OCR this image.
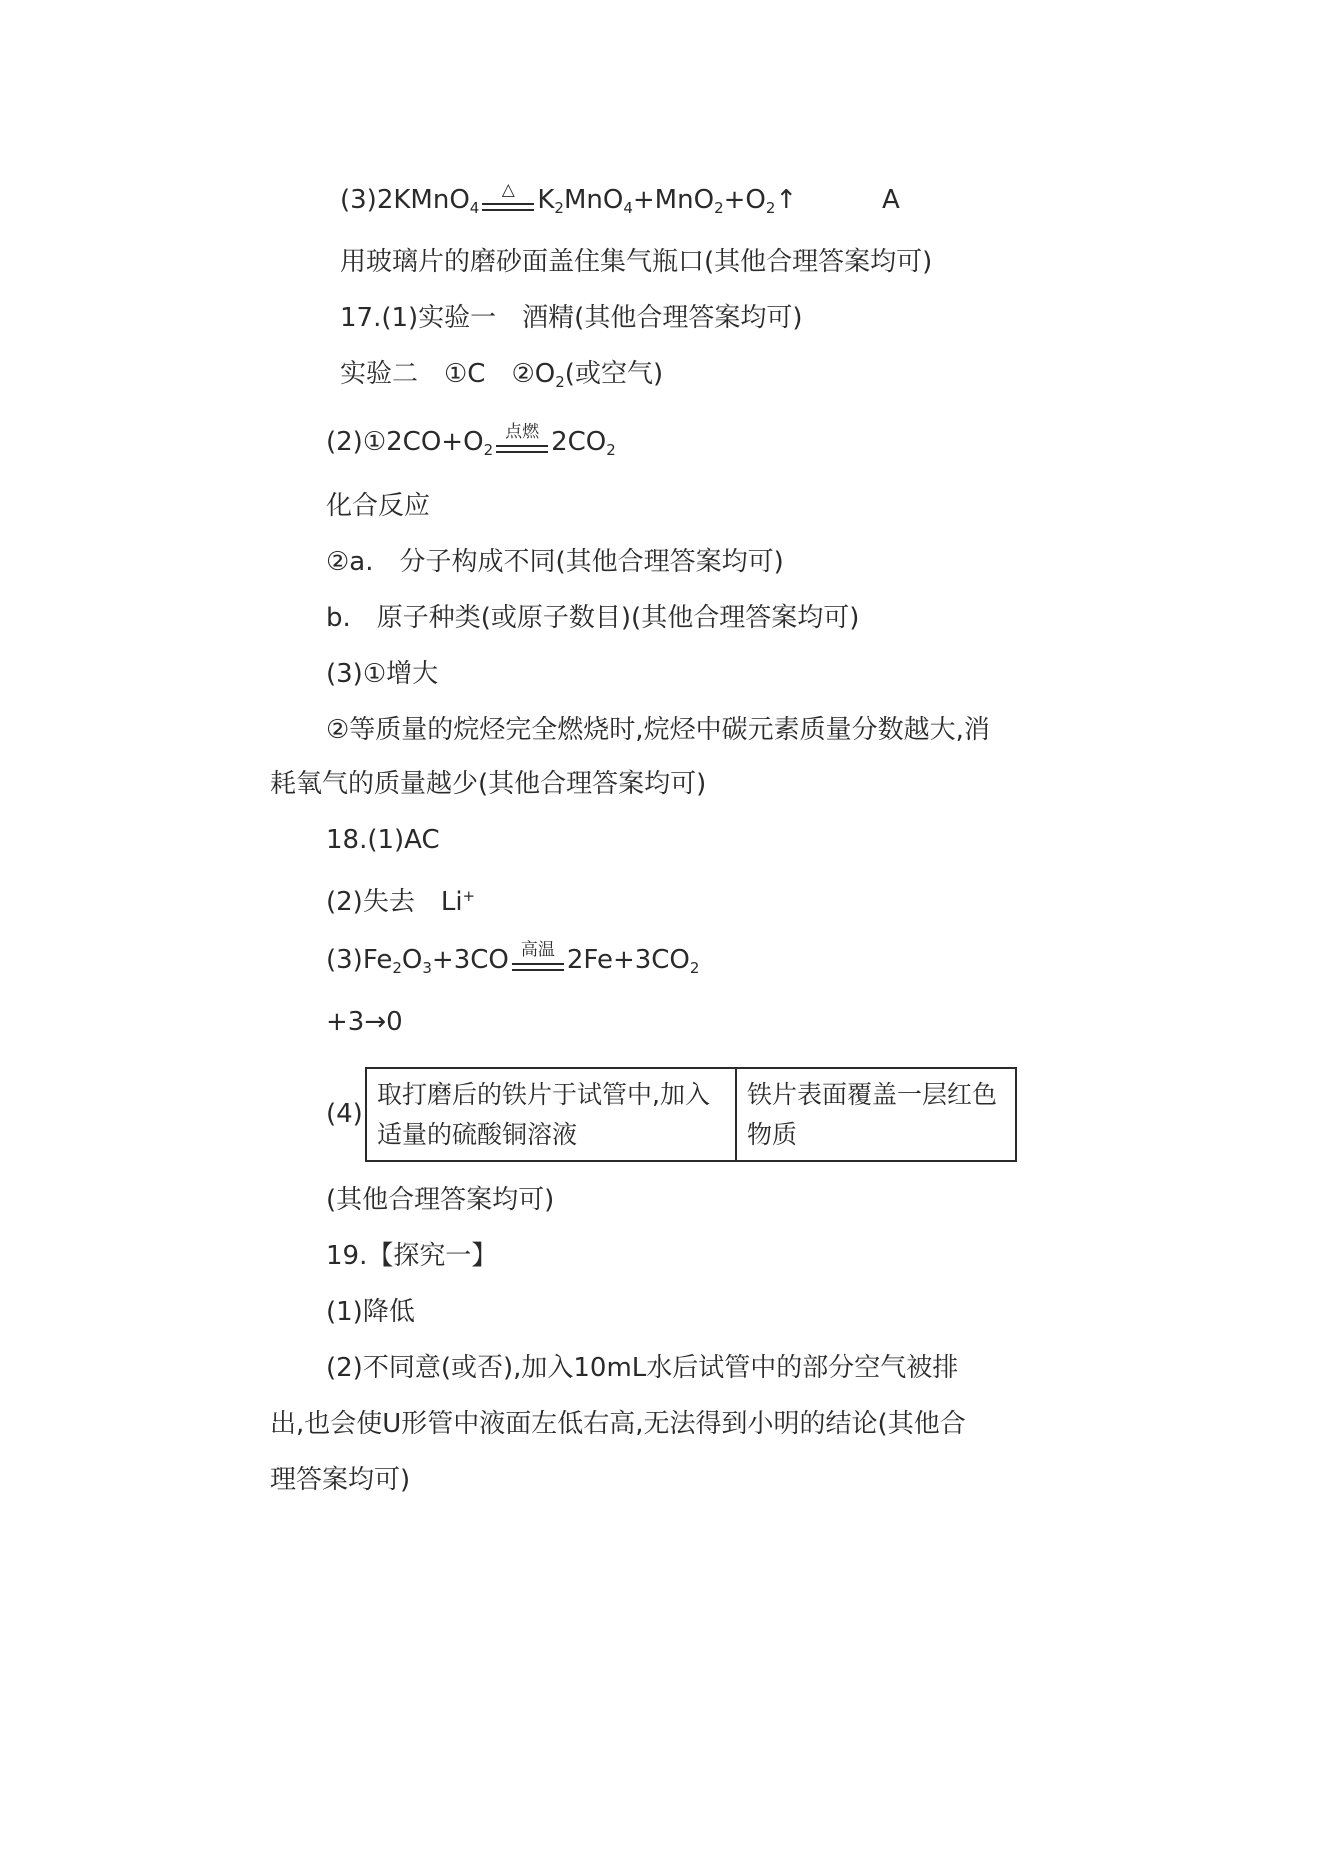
(3)2KMnO$_4$
△ $K_2MnO_4+MnO_2+O_2↑$	A
用玻璃片的磨砂面盖住集气瓶口(其他合理答案均可)
17.(1)实验一　酒精(其他合理答案均可)
实验二　①C　$②O_2$(或空气)
$(2)①2CO+O_2$
点燃 $2CO_2$
化合反应
②a.　分子构成不同(其他合理答案均可)
b.　原子种类(或原子数目)(其他合理答案均可)
(3)①增大
②等质量的烷烃完全燃烧时,烷烃中碳元素质量分数越大,消
耗氧气的质量越少(其他合理答案均可)
18.(1)AC
(2)失去　Li+
$(3)Fe_2O_3+3CO$ 高温 $2Fe+3CO_2$
+3→0
(4)
取打磨后的铁片于试管中,加入适量的硫酸铜溶液	铁片表面覆盖一层红色物质
(其他合理答案均可)
19.【探究一】
(1)降低
(2)不同意(或否),加入10mL水后试管中的部分空气被排
出,也会使U形管中液面左低右高,无法得到小明的结论(其他合
理答案均可)
